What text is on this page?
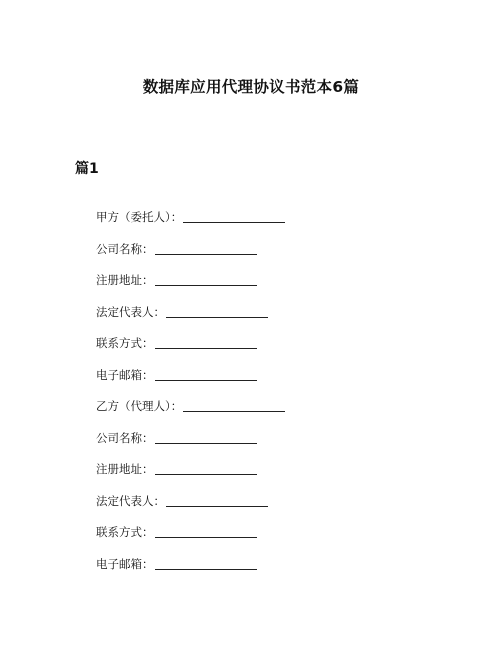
数据库应用代理协议书范本6篇
篇1
甲方（委托人）：
公司名称：
注册地址：
法定代表人：
联系方式：
电子邮箱：
乙方（代理人）：
公司名称：
注册地址：
法定代表人：
联系方式：
电子邮箱：
